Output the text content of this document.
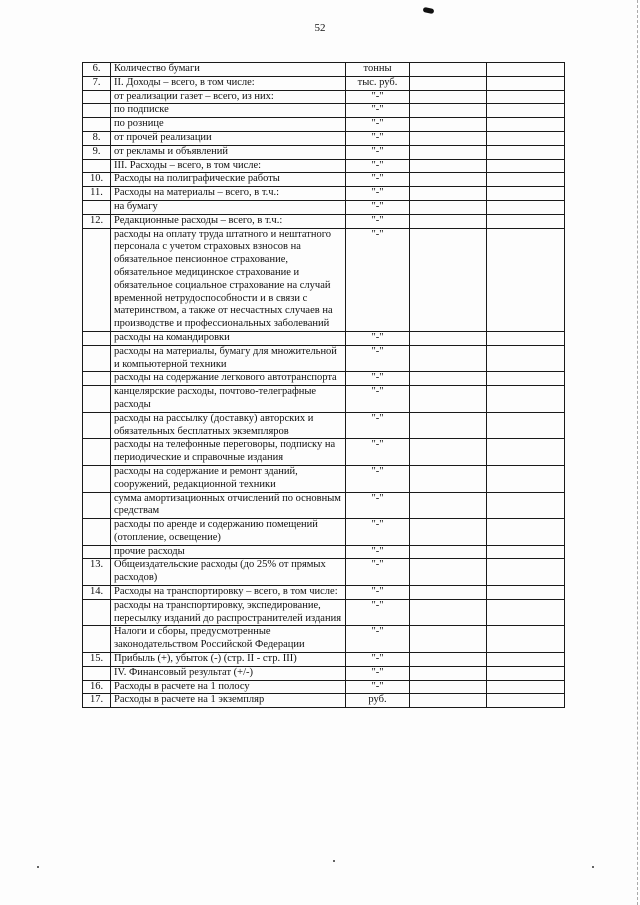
52
6.	Количество бумаги	тонны		
7.	II. Доходы – всего, в том числе:	тыс. руб.		
	от реализации газет – всего, из них:	"-"		
	по подписке	"-"		
	по рознице	"-"		
8.	от прочей реализации	"-"		
9.	от рекламы и объявлений	"-"		
	III. Расходы – всего, в том числе:	"-"		
10.	Расходы на полиграфические работы	"-"		
11.	Расходы на материалы – всего, в т.ч.:	"-"		
	на бумагу	"-"		
12.	Редакционные расходы – всего, в т.ч.:	"-"		
	расходы на оплату труда штатного и нештатного персонала с учетом страховых взносов на обязательное пенсионное страхование, обязательное медицинское страхование и обязательное социальное страхование на случай временной нетрудоспособности и в связи с материнством, а также от несчастных случаев на производстве и профессиональных заболеваний	"-"		
	расходы на командировки	"-"		
	расходы на материалы, бумагу для множительной и компьютерной техники	"-"		
	расходы на содержание легкового автотранспорта	"-"		
	канцелярские расходы, почтово-телеграфные расходы	"-"		
	расходы на рассылку (доставку) авторских и обязательных бесплатных экземпляров	"-"		
	расходы на телефонные переговоры, подписку на периодические и справочные издания	"-"		
	расходы на содержание и ремонт зданий, сооружений, редакционной техники	"-"		
	сумма амортизационных отчислений по основным средствам	"-"		
	расходы по аренде и содержанию помещений (отопление, освещение)	"-"		
	прочие расходы	"-"		
13.	Общеиздательские расходы (до 25% от прямых расходов)	"-"		
14.	Расходы на транспортировку – всего, в том числе:	"-"		
	расходы на транспортировку, экспедирование, пересылку изданий до распространителей издания	"-"		
	Налоги и сборы, предусмотренные законодательством Российской Федерации	"-"		
15.	Прибыль (+), убыток (-) (стр. II - стр. III)	"-"		
	IV. Финансовый результат (+/-)	"-"		
16.	Расходы в расчете на 1 полосу	"-"		
17.	Расходы в расчете на 1 экземпляр	руб.		
